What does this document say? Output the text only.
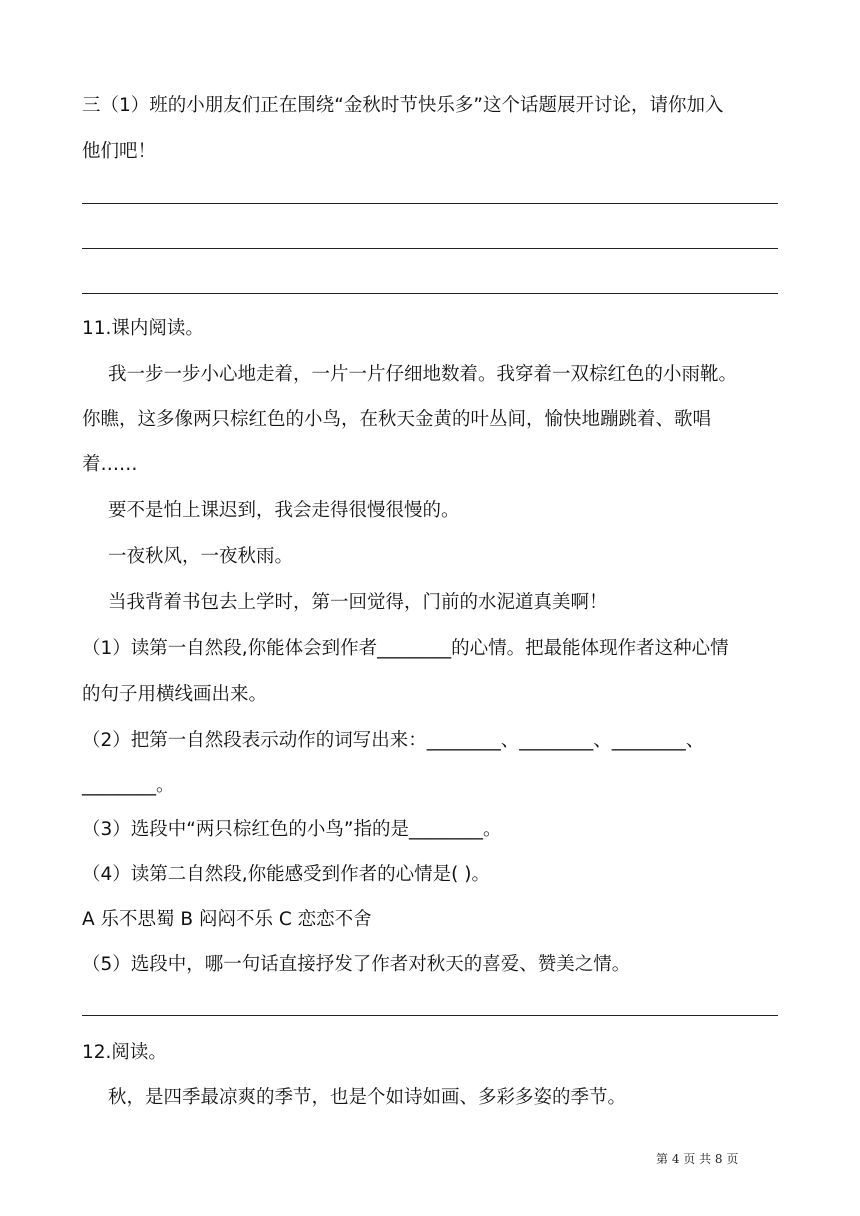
三（1）班的小朋友们正在围绕“金秋时节快乐多”这个话题展开讨论，请你加入
他们吧！
11.课内阅读。
我一步一步小心地走着，一片一片仔细地数着。我穿着一双棕红色的小雨靴。
你瞧，这多像两只棕红色的小鸟，在秋天金黄的叶丛间，愉快地蹦跳着、歌唱
着……
要不是怕上课迟到，我会走得很慢很慢的。
一夜秋风，一夜秋雨。
当我背着书包去上学时，第一回觉得，门前的水泥道真美啊！
（1）读第一自然段,你能体会到作者________的心情。把最能体现作者这种心情
的句子用横线画出来。
（2）把第一自然段表示动作的词写出来：________、________、________、
________。
（3）选段中“两只棕红色的小鸟”指的是________。
（4）读第二自然段,你能感受到作者的心情是( )。
A 乐不思蜀 B 闷闷不乐 C 恋恋不舍
（5）选段中，哪一句话直接抒发了作者对秋天的喜爱、赞美之情。
12.阅读。
秋，是四季最凉爽的季节，也是个如诗如画、多彩多姿的季节。
第 4 页 共 8 页
